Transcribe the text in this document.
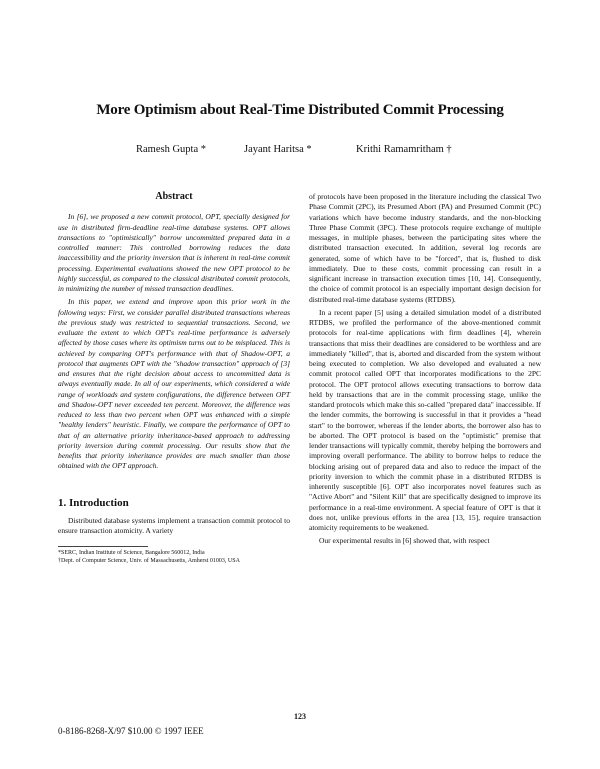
More Optimism about Real-Time Distributed Commit Processing
Ramesh Gupta *	Jayant Haritsa *	Krithi Ramamritham †
Abstract

In [6], we proposed a new commit protocol, OPT, specially designed for use in distributed firm-deadline real-time database systems. OPT allows transactions to "optimistically" borrow uncommitted prepared data in a controlled manner: This controlled borrowing reduces the data inaccessibility and the priority inversion that is inherent in real-time commit processing. Experimental evaluations showed the new OPT protocol to be highly successful, as compared to the classical distributed commit protocols, in minimizing the number of missed transaction deadlines.

In this paper, we extend and improve upon this prior work in the following ways: First, we consider parallel distributed transactions whereas the previous study was restricted to sequential transactions. Second, we evaluate the extent to which OPT's real-time performance is adversely affected by those cases where its optimism turns out to be misplaced. This is achieved by comparing OPT's performance with that of Shadow-OPT, a protocol that augments OPT with the "shadow transaction" approach of [3] and ensures that the right decision about access to uncommitted data is always eventually made. In all of our experiments, which considered a wide range of workloads and system configurations, the difference between OPT and Shadow-OPT never exceeded ten percent. Moreover, the difference was reduced to less than two percent when OPT was enhanced with a simple "healthy lenders" heuristic. Finally, we compare the performance of OPT to that of an alternative priority inheritance-based approach to addressing priority inversion during commit processing. Our results show that the benefits that priority inheritance provides are much smaller than those obtained with the OPT approach.

1. Introduction

Distributed database systems implement a transaction commit protocol to ensure transaction atomicity. A variety

*SERC, Indian Institute of Science, Bangalore 560012, India
†Dept. of Computer Science, Univ. of Massachusetts, Amherst 01003, USA

of protocols have been proposed in the literature including the classical Two Phase Commit (2PC), its Presumed Abort (PA) and Presumed Commit (PC) variations which have become industry standards, and the non-blocking Three Phase Commit (3PC). These protocols require exchange of multiple messages, in multiple phases, between the participating sites where the distributed transaction executed. In addition, several log records are generated, some of which have to be "forced", that is, flushed to disk immediately. Due to these costs, commit processing can result in a significant increase in transaction execution times [10, 14]. Consequently, the choice of commit protocol is an especially important design decision for distributed real-time database systems (RTDBS).

In a recent paper [5] using a detailed simulation model of a distributed RTDBS, we profiled the performance of the above-mentioned commit protocols for real-time applications with firm deadlines [4], wherein transactions that miss their deadlines are considered to be worthless and are immediately "killed", that is, aborted and discarded from the system without being executed to completion. We also developed and evaluated a new commit protocol called OPT that incorporates modifications to the 2PC protocol. The OPT protocol allows executing transactions to borrow data held by transactions that are in the commit processing stage, unlike the standard protocols which make this so-called "prepared data" inaccessible. If the lender commits, the borrowing is successful in that it provides a "head start" to the borrower, whereas if the lender aborts, the borrower also has to be aborted. The OPT protocol is based on the "optimistic" premise that lender transactions will typically commit, thereby helping the borrowers and improving overall performance. The ability to borrow helps to reduce the blocking arising out of prepared data and also to reduce the impact of the priority inversion to which the commit phase in a distributed RTDBS is inherently susceptible [6]. OPT also incorporates novel features such as "Active Abort" and "Silent Kill" that are specifically designed to improve its performance in a real-time environment. A special feature of OPT is that it does not, unlike previous efforts in the area [13, 15], require transaction atomicity requirements to be weakened.

Our experimental results in [6] showed that, with respect

123
0-8186-8268-X/97 $10.00 © 1997 IEEE
